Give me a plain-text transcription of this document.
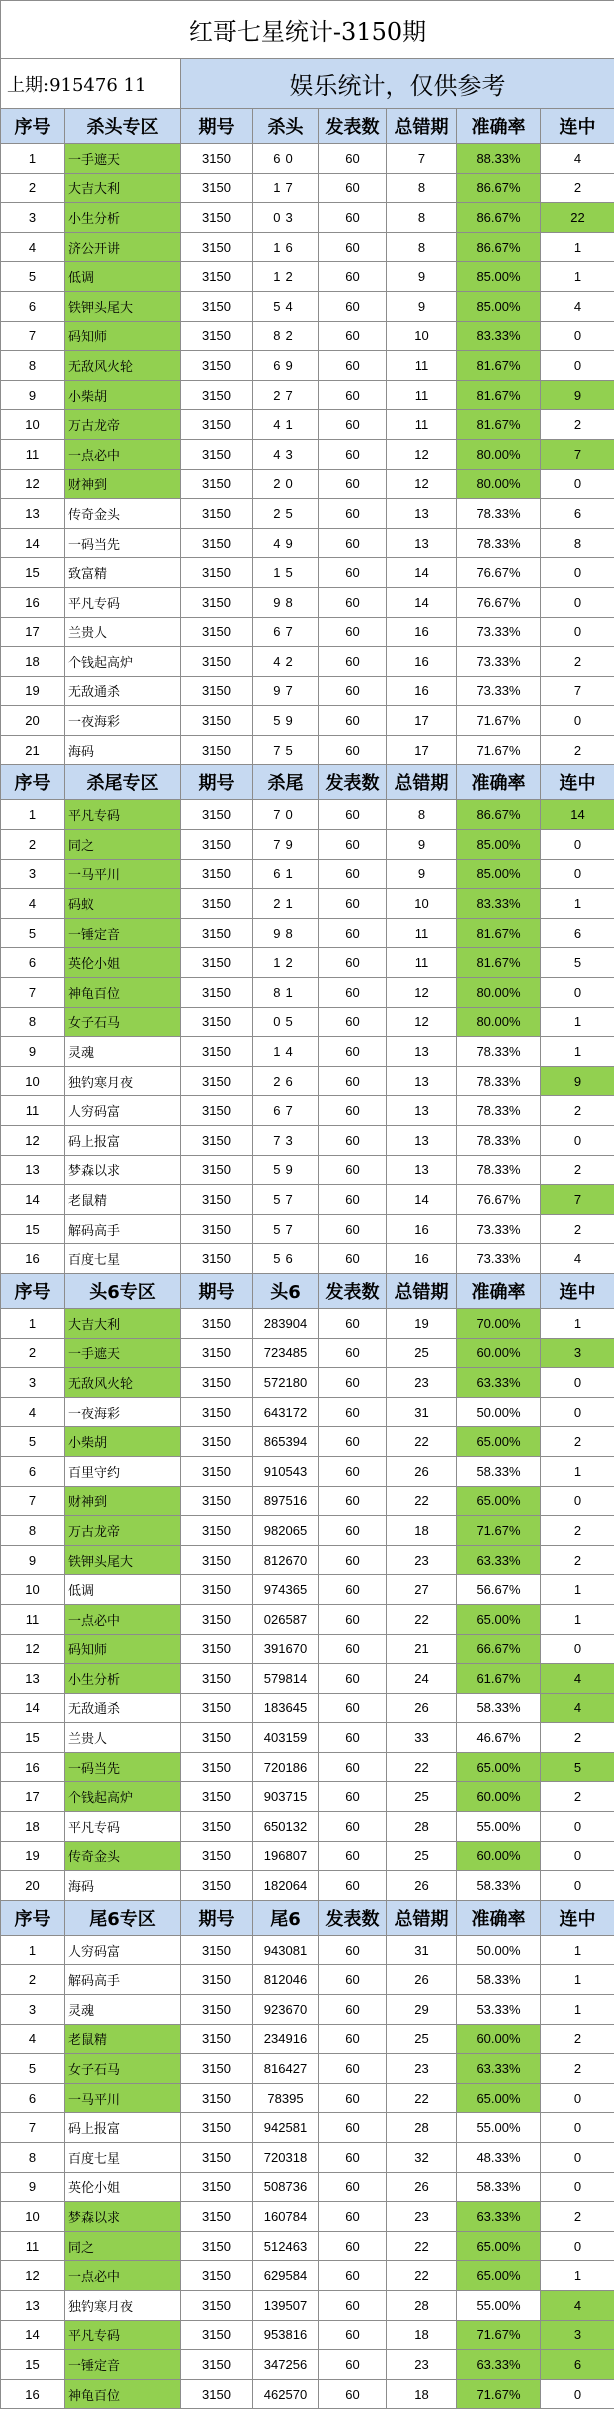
红哥七星统计-3150期							
上期:915476 11		娱乐统计，仅供参考					
序号	杀头专区	期号	杀头	发表数	总错期	准确率	连中
1	一手遮天	3150	60	60	7	88.33%	4
2	大吉大利	3150	17	60	8	86.67%	2
3	小生分析	3150	03	60	8	86.67%	22
4	济公开讲	3150	16	60	8	86.67%	1
5	低调	3150	12	60	9	85.00%	1
6	铁钾头尾大	3150	54	60	9	85.00%	4
7	码知师	3150	82	60	10	83.33%	0
8	无敌风火轮	3150	69	60	11	81.67%	0
9	小柴胡	3150	27	60	11	81.67%	9
10	万古龙帝	3150	41	60	11	81.67%	2
11	一点必中	3150	43	60	12	80.00%	7
12	财神到	3150	20	60	12	80.00%	0
13	传奇金头	3150	25	60	13	78.33%	6
14	一码当先	3150	49	60	13	78.33%	8
15	致富精	3150	15	60	14	76.67%	0
16	平凡专码	3150	98	60	14	76.67%	0
17	兰贵人	3150	67	60	16	73.33%	0
18	个钱起高炉	3150	42	60	16	73.33%	2
19	无敌通杀	3150	97	60	16	73.33%	7
20	一夜海彩	3150	59	60	17	71.67%	0
21	海码	3150	75	60	17	71.67%	2
序号	杀尾专区	期号	杀尾	发表数	总错期	准确率	连中
1	平凡专码	3150	70	60	8	86.67%	14
2	同之	3150	79	60	9	85.00%	0
3	一马平川	3150	61	60	9	85.00%	0
4	码蚁	3150	21	60	10	83.33%	1
5	一锤定音	3150	98	60	11	81.67%	6
6	英伦小姐	3150	12	60	11	81.67%	5
7	神龟百位	3150	81	60	12	80.00%	0
8	女子石马	3150	05	60	12	80.00%	1
9	灵魂	3150	14	60	13	78.33%	1
10	独钓寒月夜	3150	26	60	13	78.33%	9
11	人穷码富	3150	67	60	13	78.33%	2
12	码上报富	3150	73	60	13	78.33%	0
13	梦森以求	3150	59	60	13	78.33%	2
14	老鼠精	3150	57	60	14	76.67%	7
15	解码高手	3150	57	60	16	73.33%	2
16	百度七星	3150	56	60	16	73.33%	4
序号	头6专区	期号	头6	发表数	总错期	准确率	连中
1	大吉大利	3150	283904	60	19	70.00%	1
2	一手遮天	3150	723485	60	25	60.00%	3
3	无敌风火轮	3150	572180	60	23	63.33%	0
4	一夜海彩	3150	643172	60	31	50.00%	0
5	小柴胡	3150	865394	60	22	65.00%	2
6	百里守约	3150	910543	60	26	58.33%	1
7	财神到	3150	897516	60	22	65.00%	0
8	万古龙帝	3150	982065	60	18	71.67%	2
9	铁钾头尾大	3150	812670	60	23	63.33%	2
10	低调	3150	974365	60	27	56.67%	1
11	一点必中	3150	026587	60	22	65.00%	1
12	码知师	3150	391670	60	21	66.67%	0
13	小生分析	3150	579814	60	24	61.67%	4
14	无敌通杀	3150	183645	60	26	58.33%	4
15	兰贵人	3150	403159	60	33	46.67%	2
16	一码当先	3150	720186	60	22	65.00%	5
17	个钱起高炉	3150	903715	60	25	60.00%	2
18	平凡专码	3150	650132	60	28	55.00%	0
19	传奇金头	3150	196807	60	25	60.00%	0
20	海码	3150	182064	60	26	58.33%	0
序号	尾6专区	期号	尾6	发表数	总错期	准确率	连中
1	人穷码富	3150	943081	60	31	50.00%	1
2	解码高手	3150	812046	60	26	58.33%	1
3	灵魂	3150	923670	60	29	53.33%	1
4	老鼠精	3150	234916	60	25	60.00%	2
5	女子石马	3150	816427	60	23	63.33%	2
6	一马平川	3150	78395	60	22	65.00%	0
7	码上报富	3150	942581	60	28	55.00%	0
8	百度七星	3150	720318	60	32	48.33%	0
9	英伦小姐	3150	508736	60	26	58.33%	0
10	梦森以求	3150	160784	60	23	63.33%	2
11	同之	3150	512463	60	22	65.00%	0
12	一点必中	3150	629584	60	22	65.00%	1
13	独钓寒月夜	3150	139507	60	28	55.00%	4
14	平凡专码	3150	953816	60	18	71.67%	3
15	一锤定音	3150	347256	60	23	63.33%	6
16	神龟百位	3150	462570	60	18	71.67%	0
